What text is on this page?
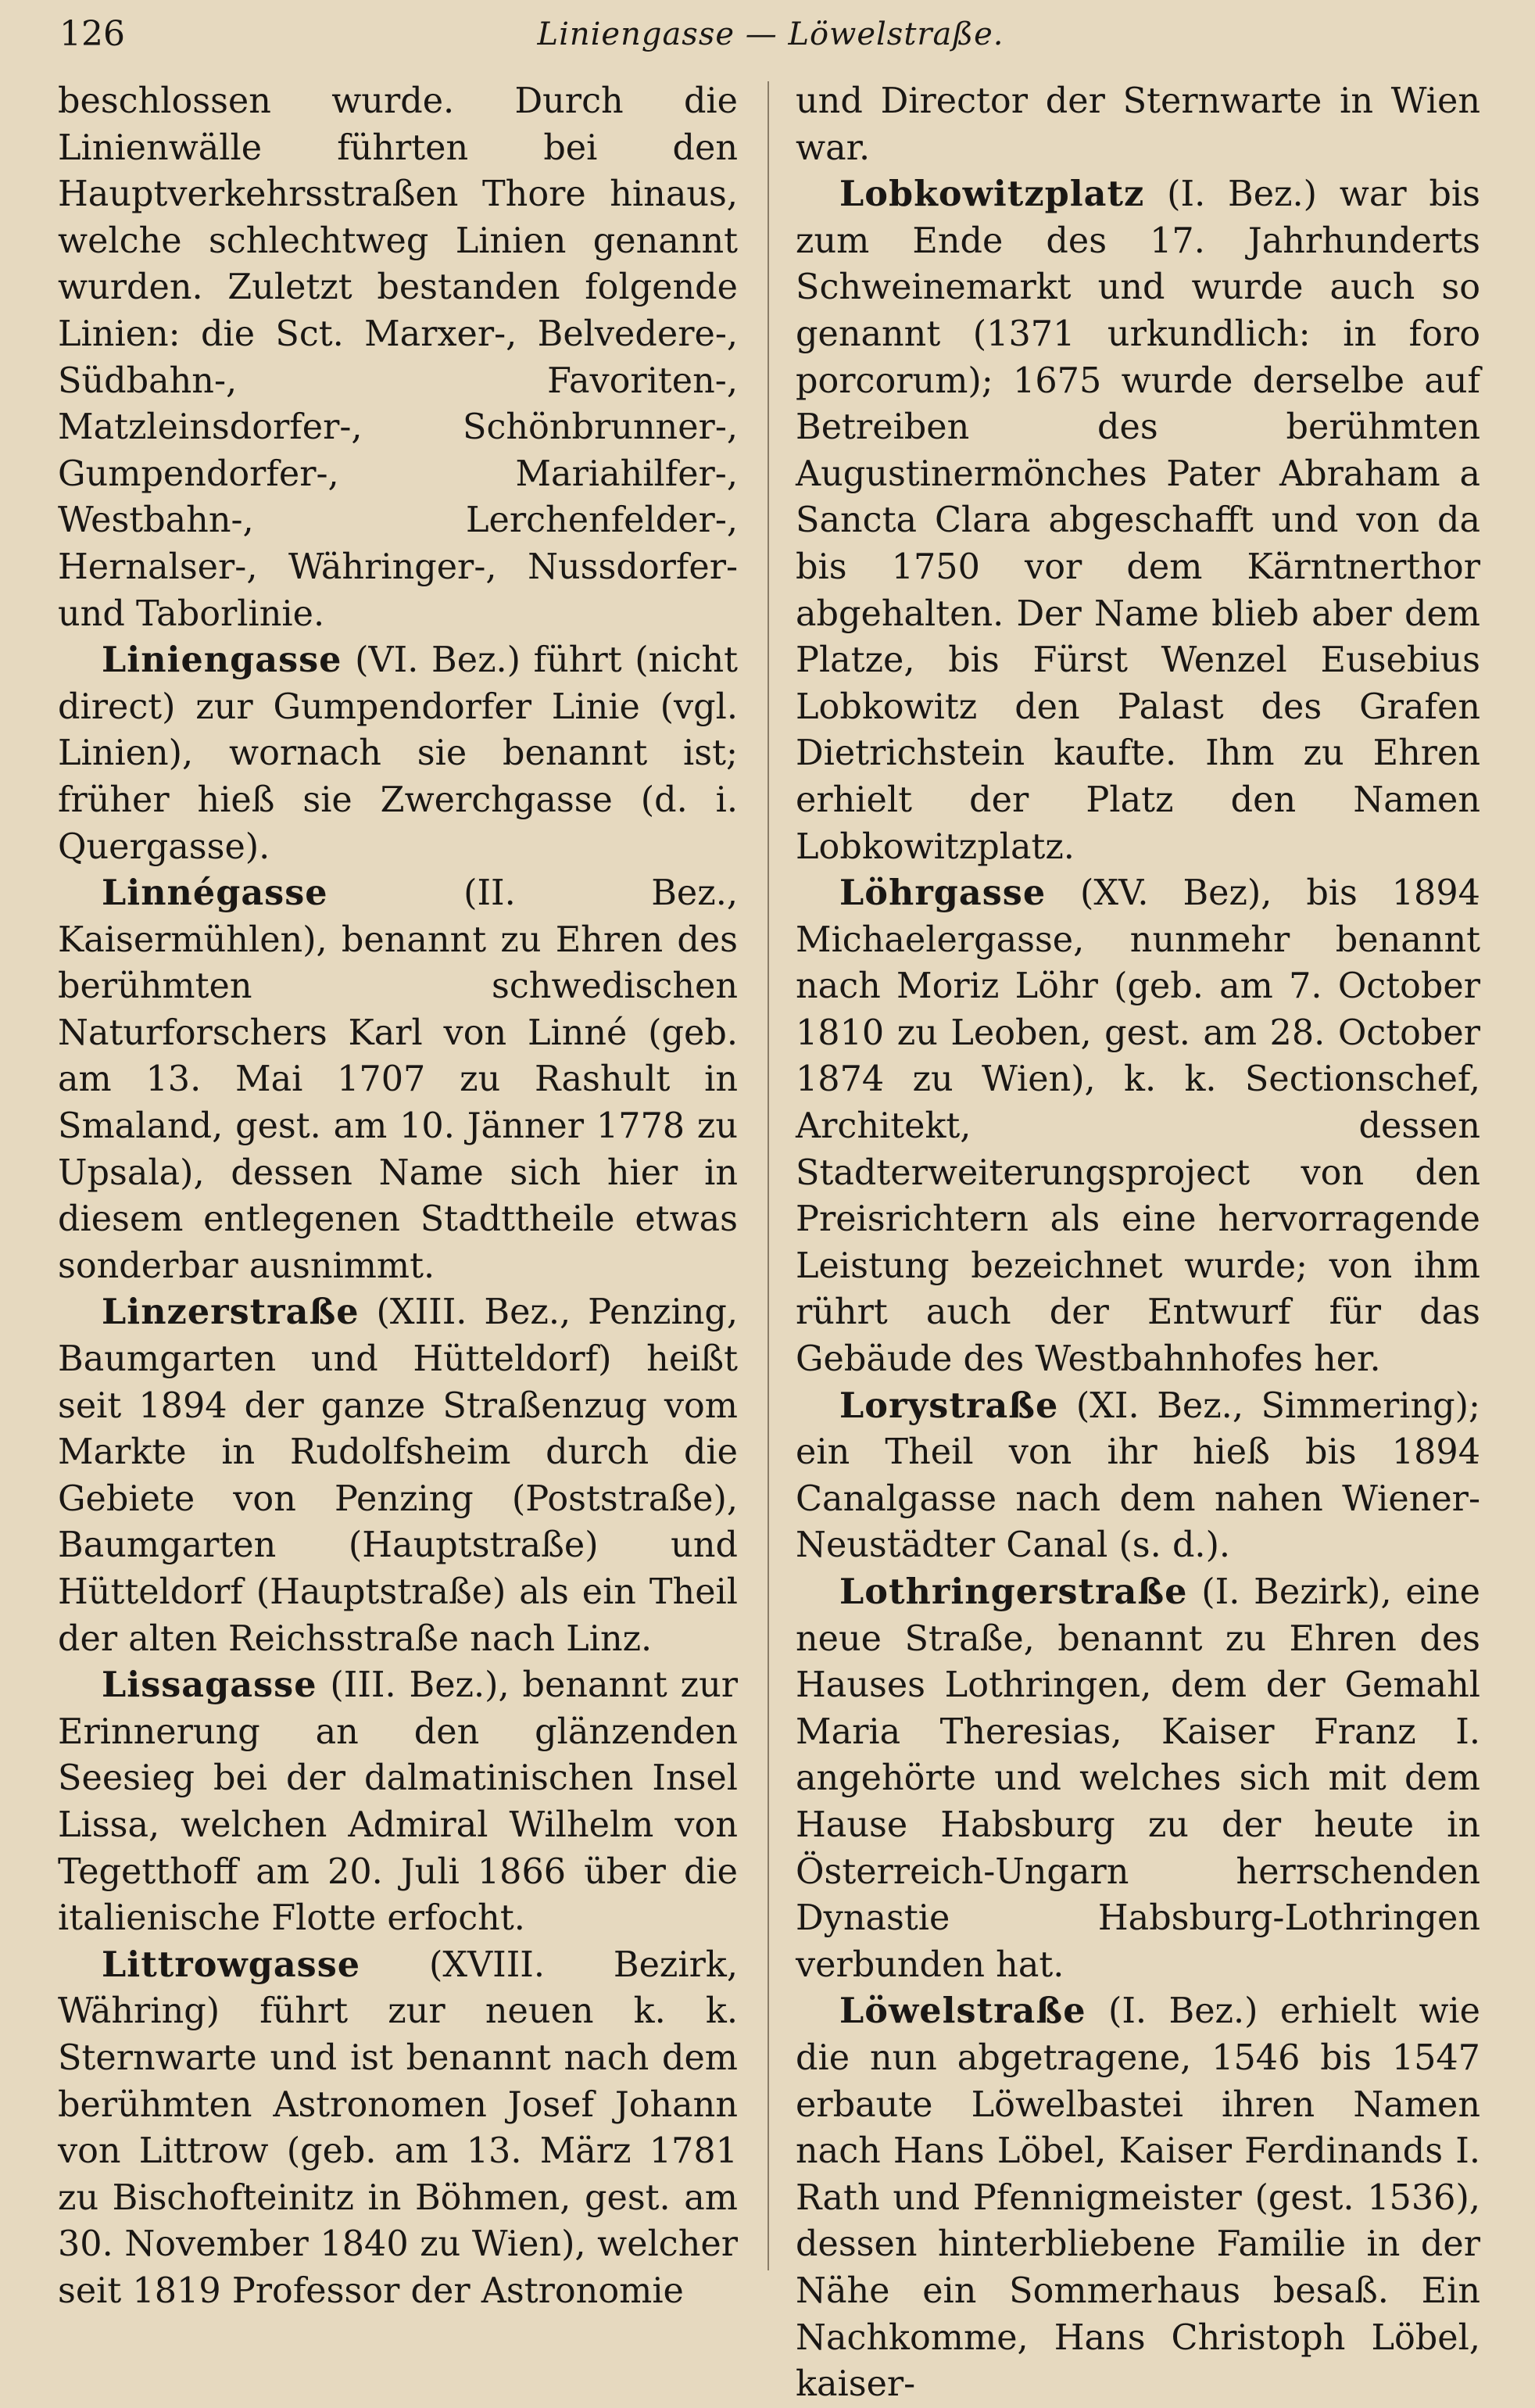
126	Liniengasse — Löwelstraße.

beschlossen wurde. Durch die Linienwälle führten bei den Hauptverkehrsstraßen Thore hinaus, welche schlechtweg Linien genannt wurden. Zuletzt bestanden folgende Linien: die Sct. Marxer-, Belvedere-, Südbahn-, Favoriten-, Matzleinsdorfer-, Schönbrunner-, Gumpendorfer-, Mariahilfer-, Westbahn-, Lerchenfelder-, Hernalser-, Währinger-, Nussdorfer- und Taborlinie.

Liniengasse (VI. Bez.) führt (nicht direct) zur Gumpendorfer Linie (vgl. Linien), wornach sie benannt ist; früher hieß sie Zwerchgasse (d. i. Quergasse).

Linnégasse	(II. Bez., Kaisermühlen), benannt zu Ehren des berühmten schwedischen Naturforschers Karl von Linné (geb. am 13. Mai 1707 zu Rashult in Smaland, gest. am 10. Jänner 1778 zu Upsala), dessen Name sich hier in diesem entlegenen Stadttheile etwas sonderbar ausnimmt.

Linzerstraße (XIII. Bez., Penzing, Baumgarten und Hütteldorf) heißt seit 1894 der ganze Straßenzug vom Markte in Rudolfsheim durch die Gebiete von Penzing (Poststraße), Baumgarten (Hauptstraße) und Hütteldorf (Hauptstraße) als ein Theil der alten Reichsstraße nach Linz.

Lissagasse (III. Bez.), benannt zur Erinnerung an den glänzenden Seesieg bei der dalmatinischen Insel Lissa, welchen Admiral Wilhelm von Tegetthoff am 20. Juli 1866 über die italienische Flotte erfocht.

Littrowgasse (XVIII. Bezirk, Währing) führt zur neuen k. k. Sternwarte und ist benannt nach dem berühmten Astronomen Josef Johann von Littrow (geb. am 13. März 1781 zu Bischofteinitz in Böhmen, gest. am 30. November 1840 zu Wien), welcher seit 1819 Professor der Astronomie

und Director der Sternwarte in Wien war.

Lobkowitzplatz (I. Bez.) war bis zum Ende des 17. Jahrhunderts Schweinemarkt und wurde auch so genannt (1371 urkundlich: in foro porcorum); 1675 wurde derselbe auf Betreiben des berühmten Augustinermönches Pater Abraham a Sancta Clara abgeschafft und von da bis 1750 vor dem Kärntnerthor abgehalten. Der Name blieb aber dem Platze, bis Fürst Wenzel Eusebius Lobkowitz den Palast des Grafen Dietrichstein kaufte. Ihm zu Ehren erhielt der Platz den Namen Lobkowitzplatz.

Löhrgasse (XV. Bez), bis 1894 Michaelergasse, nunmehr benannt nach Moriz Löhr (geb. am 7. October 1810 zu Leoben, gest. am 28. October 1874 zu Wien), k. k. Sectionschef, Architekt, dessen Stadterweiterungsproject von den Preisrichtern als eine hervorragende Leistung bezeichnet wurde; von ihm rührt auch der Entwurf für das Gebäude des Westbahnhofes her.

Lorystraße (XI. Bez., Simmering); ein Theil von ihr hieß bis 1894 Canalgasse nach dem nahen Wiener-Neustädter Canal (s. d.).

Lothringerstraße (I. Bezirk), eine neue Straße, benannt zu Ehren des Hauses Lothringen, dem der Gemahl Maria Theresias, Kaiser Franz I. angehörte und welches sich mit dem Hause Habsburg zu der heute in Österreich-Ungarn herrschenden Dynastie Habsburg-Lothringen verbunden hat.

Löwelstraße (I. Bez.) erhielt wie die nun abgetragene, 1546 bis 1547 erbaute Löwelbastei ihren Namen nach Hans Löbel, Kaiser Ferdinands I. Rath und Pfennigmeister (gest. 1536), dessen hinterbliebene Familie in der Nähe ein Sommerhaus besaß. Ein Nachkomme, Hans Christoph Löbel, kaiser-
